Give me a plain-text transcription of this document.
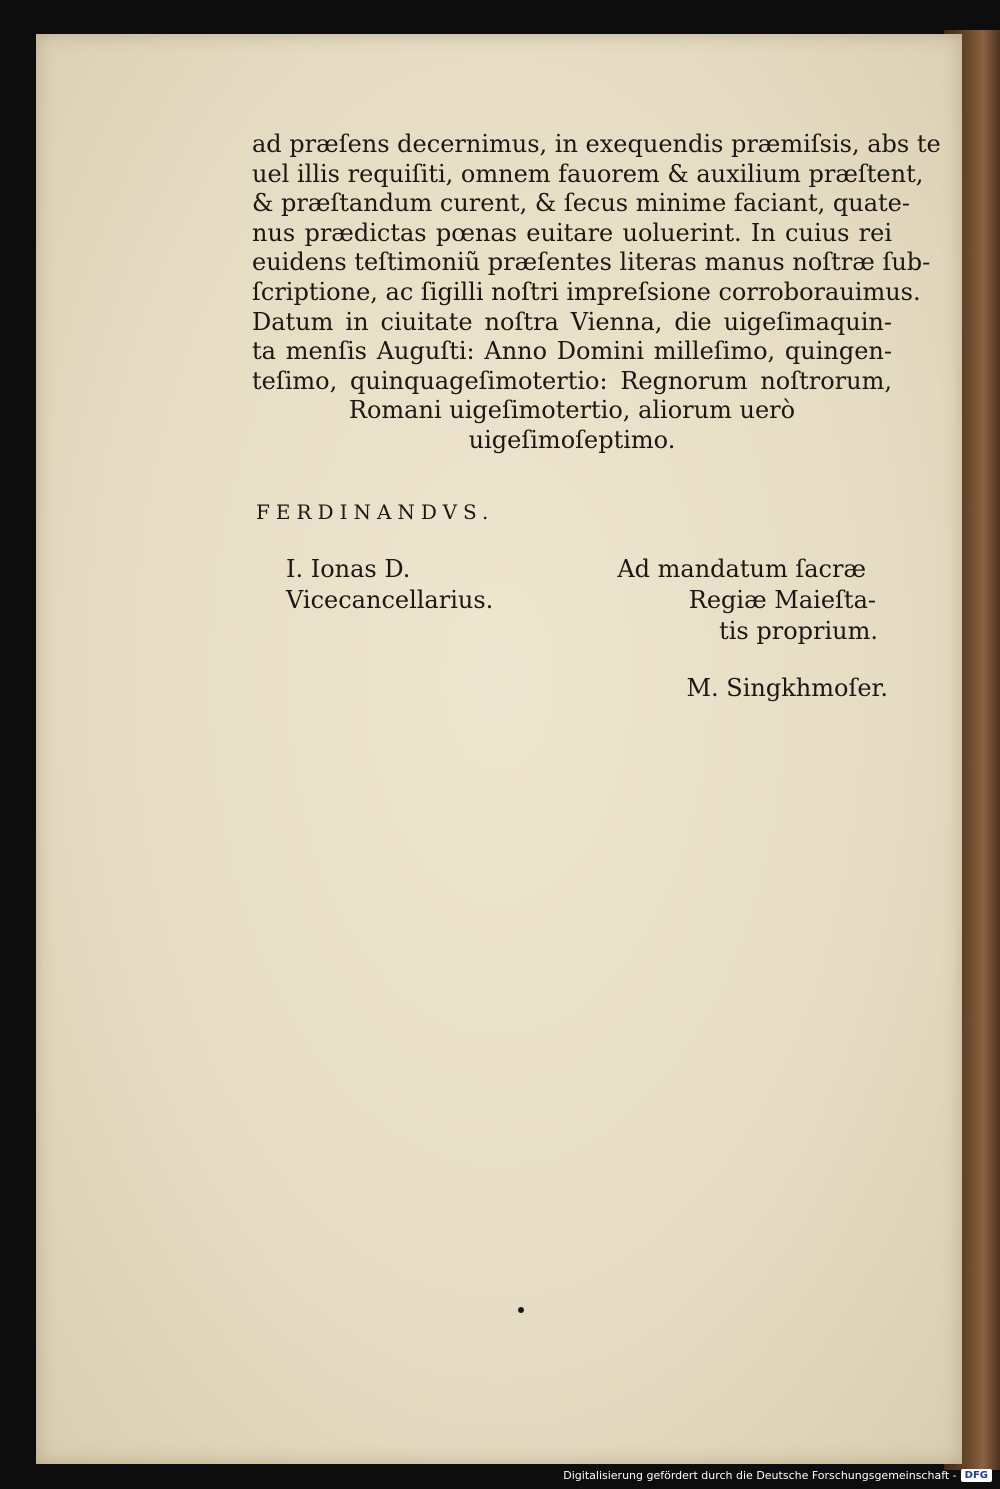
ad præſens decernimus, in exequendis præmiſsis, abs te
uel illis requiſiti, omnem fauorem & auxilium præſtent,
& præſtandum curent, & ſecus minime faciant, quate-
nus prædictas pœnas euitare uoluerint. In cuius rei
euidens teſtimoniũ præſentes literas manus noſtræ ſub-
ſcriptione, ac ſigilli noſtri impreſsione corroborauimus.
Datum in ciuitate noſtra Vienna, die uigeſimaquin-
ta menſis Auguſti: Anno Domini milleſimo, quingen-
teſimo, quinquageſimotertio: Regnorum noſtrorum,
Romani uigeſimotertio, aliorum uerò
uigeſimoſeptimo.
FERDINANDVS.
I. Ionas D.
Vicecancellarius.
Ad mandatum ſacræ
Regiæ Maieſta-
tis proprium.
M. Singkhmoſer.
Digitalisierung gefördert durch die Deutsche Forschungsgemeinschaft - DFG
